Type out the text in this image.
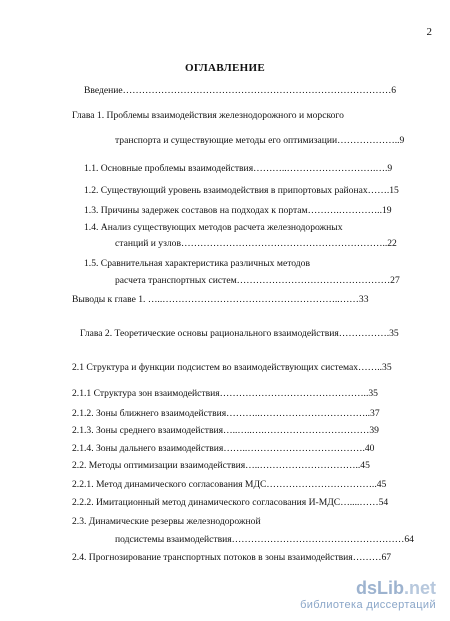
2
ОГЛАВЛЕНИЕ
Введение…………………………………………………………………………6
Глава 1. Проблемы взаимодействия железнодорожного и морского
транспорта и существующие методы его оптимизации………………..9
1.1. Основные проблемы взаимодействия………..……………………….….9
1.2. Существующий уровень взаимодействия в припортовых районах…….15
1.3. Причины задержек составов на подходах к портам……….…………..19
1.4. Анализ существующих методов расчета железнодорожных
станций и узлов………………………………………………………..22
1.5. Сравнительная характеристика различных методов
расчета транспортных систем…………………………………………27
Выводы к главе 1. …..………………………………………………..……33
Глава 2. Теоретические основы рационального взаимодействия…………….35
2.1 Структура и функции подсистем во взаимодействующих системах……..35
2.1.1 Структура зон взаимодействия………………………………………..35
2.1.2. Зоны ближнего взаимодействия………..……………………………..37
2.1.3. Зоны среднего взаимодействия…..…..….……………………………39
2.1.4. Зоны дальнего взаимодействия……..……………………………….40
2.2. Методы оптимизации взаимодействия…..…………………………..45
2.2.1. Метод динамического согласования МДС……………………………..45
2.2.2. Имитационный метод динамического согласования И-МДС…....……54
2.3. Динамические резервы железнодорожной
подсистемы взаимодействия………………………………………………64
2.4. Прогнозирование транспортных потоков в зоны взаимодействия………67
dsLib.net
библиотека диссертаций
